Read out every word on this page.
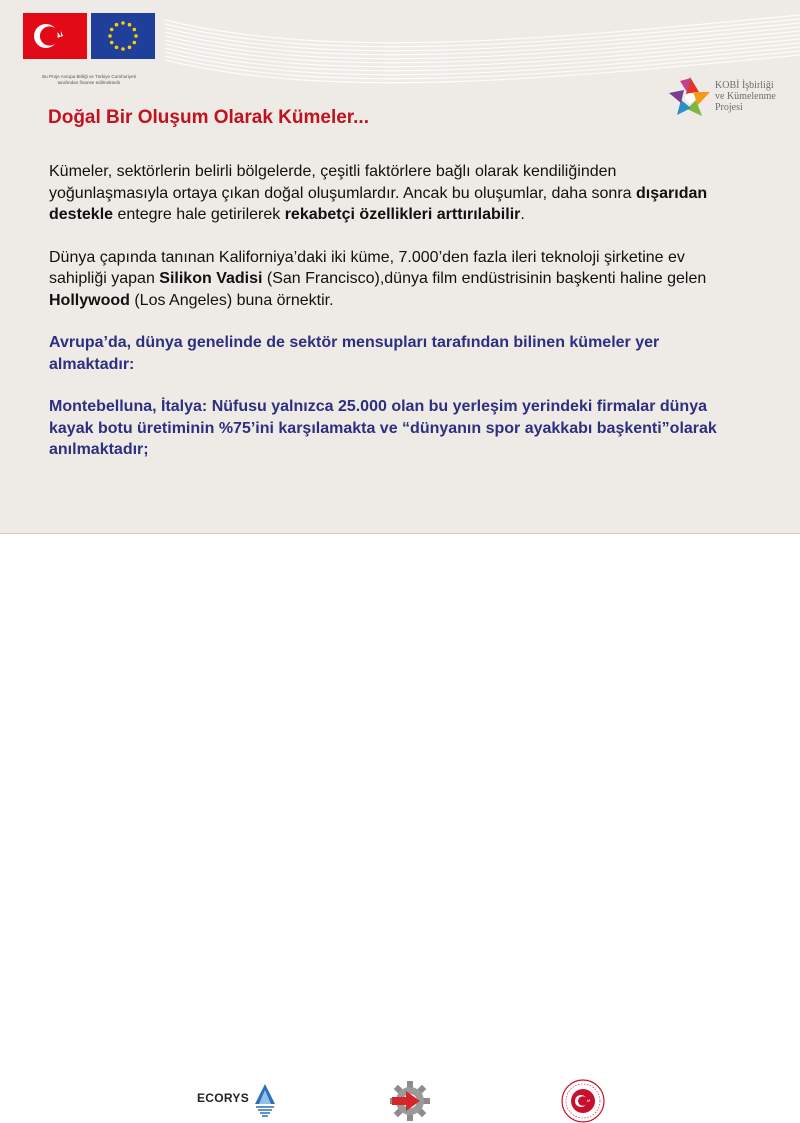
Bu Proje Avrupa Birliği ve Türkiye Cumhuriyeti
tarafından finanse edilmektedir	KOBİ İşbirliği
ve Kümelenme
Projesi
Doğal Bir Oluşum Olarak Kümeler...

Kümeler, sektörlerin belirli bölgelerde, çeşitli faktörlere bağlı olarak kendiliğinden yoğunlaşmasıyla ortaya çıkan doğal oluşumlardır. Ancak bu oluşumlar, daha sonra dışarıdan destekle entegre hale getirilerek rekabetçi özellikleri arttırılabilir.

Dünya çapında tanınan Kaliforniya’daki iki küme, 7.000’den fazla ileri teknoloji şirketine ev sahipliği yapan Silikon Vadisi (San Francisco),dünya film endüstrisinin başkenti haline gelen Hollywood (Los Angeles) buna örnektir.

Avrupa’da, dünya genelinde de sektör mensupları tarafından bilinen kümeler yer almaktadır:

Montebelluna, İtalya: Nüfusu yalnızca 25.000 olan bu yerleşim yerindeki firmalar dünya kayak botu üretiminin %75’ini karşılamakta ve “dünyanın spor ayakkabı başkenti”olarak anılmaktadır;

ECORYS
